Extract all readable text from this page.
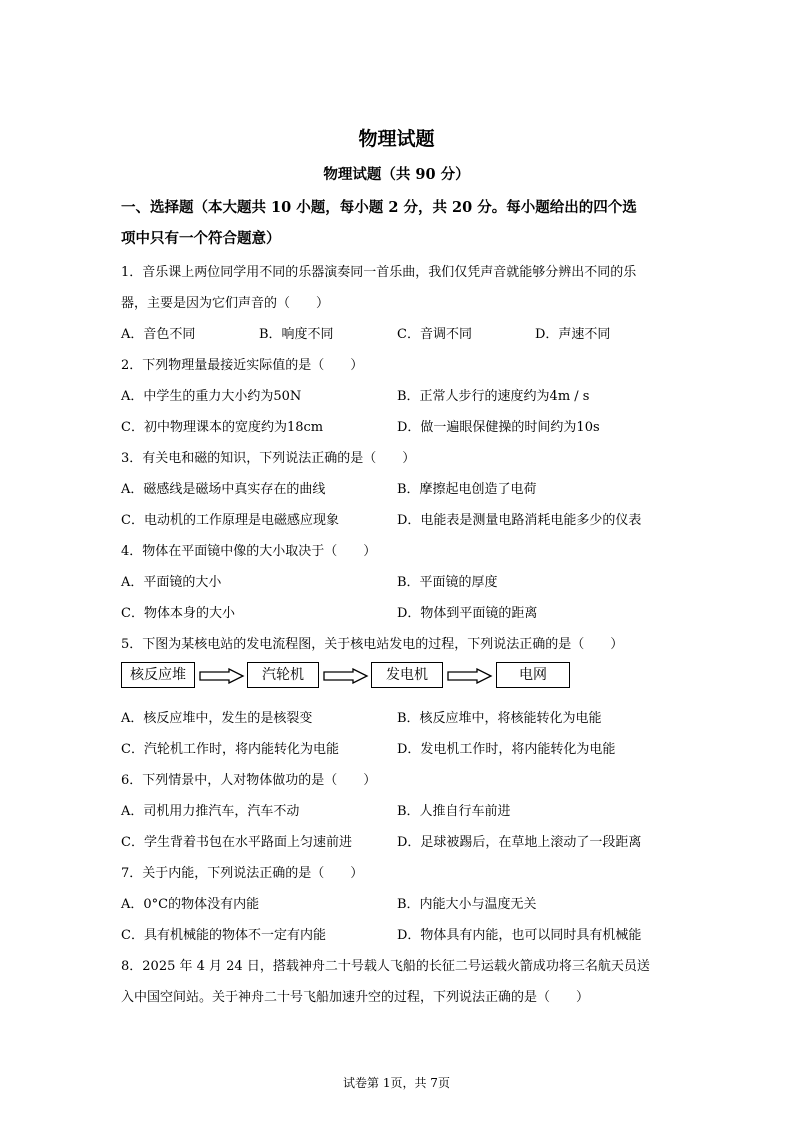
物理试题
物理试题（共 90 分）
一、选择题（本大题共 10 小题，每小题 2 分，共 20 分。每小题给出的四个选
项中只有一个符合题意）
1．音乐课上两位同学用不同的乐器演奏同一首乐曲，我们仅凭声音就能够分辨出不同的乐
器，主要是因为它们声音的（　　）
A．音色不同	B．响度不同	C．音调不同	D．声速不同
2．下列物理量最接近实际值的是（　　）
A．中学生的重力大小约为50N	B．正常人步行的速度约为4m / s
C．初中物理课本的宽度约为18cm	D．做一遍眼保健操的时间约为10s
3．有关电和磁的知识，下列说法正确的是（　　）
A．磁感线是磁场中真实存在的曲线	B．摩擦起电创造了电荷
C．电动机的工作原理是电磁感应现象	D．电能表是测量电路消耗电能多少的仪表
4．物体在平面镜中像的大小取决于（　　）
A．平面镜的大小	B．平面镜的厚度
C．物体本身的大小	D．物体到平面镜的距离
5．下图为某核电站的发电流程图，关于核电站发电的过程，下列说法正确的是（　　）
核反应堆	汽轮机	发电机	电网
A．核反应堆中，发生的是核裂变	B．核反应堆中，将核能转化为电能
C．汽轮机工作时，将内能转化为电能	D．发电机工作时，将内能转化为电能
6．下列情景中，人对物体做功的是（　　）
A．司机用力推汽车，汽车不动	B．人推自行车前进
C．学生背着书包在水平路面上匀速前进	D．足球被踢后，在草地上滚动了一段距离
7．关于内能，下列说法正确的是（　　）
A．0°C的物体没有内能	B．内能大小与温度无关
C．具有机械能的物体不一定有内能	D．物体具有内能，也可以同时具有机械能
8．2025 年 4 月 24 日，搭载神舟二十号载人飞船的长征二号运载火箭成功将三名航天员送
入中国空间站。关于神舟二十号飞船加速升空的过程，下列说法正确的是（　　）
试卷第 1页，共 7页
